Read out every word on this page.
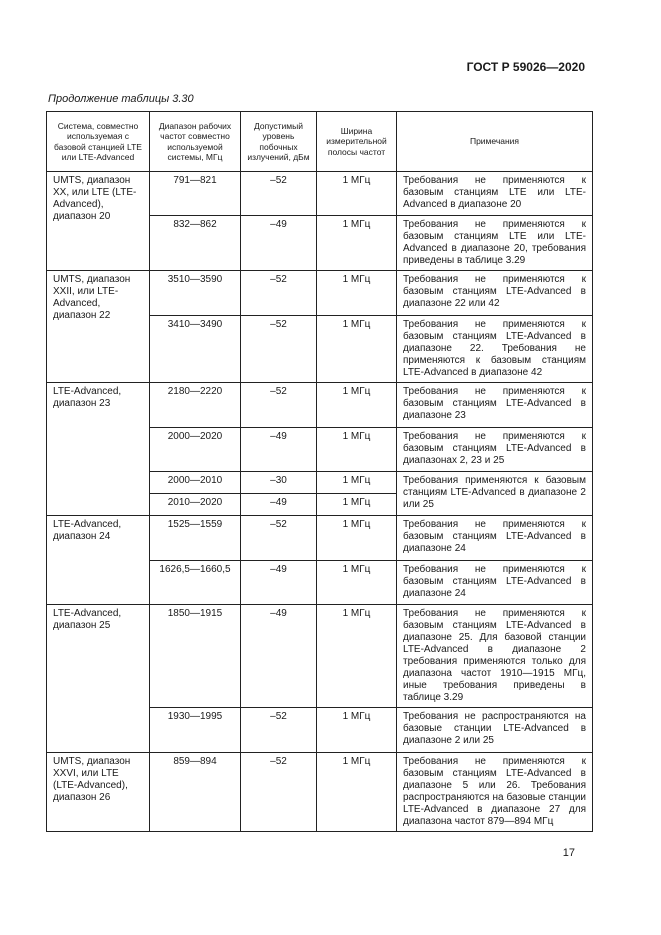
ГОСТ Р 59026—2020
Продолжение таблицы 3.30
Система, совместно используемая с базовой станцией LTE или LTE-Advanced	Диапазон рабочих частот совместно используемой системы, МГц	Допустимый уровень побочных излучений, дБм	Ширина измерительной полосы частот	Примечания
UMTS, диапазон XX, или LTE (LTE-Advanced), диапазон 20	791—821	–52	1 МГц	Требования не применяются к базовым станциям LTE или LTE-Advanced в диапазоне 20
	832—862	–49	1 МГц	Требования не применяются к базовым станциям LTE или LTE-Advanced в диапазоне 20, требования приведены в таблице 3.29
UMTS, диапазон XXII, или LTE-Advanced, диапазон 22	3510—3590	–52	1 МГц	Требования не применяются к базовым станциям LTE-Advanced в диапазоне 22 или 42
	3410—3490	–52	1 МГц	Требования не применяются к базовым станциям LTE-Advanced в диапазоне 22. Требования не применяются к базовым станциям LTE-Advanced в диапазоне 42
LTE-Advanced, диапазон 23	2180—2220	–52	1 МГц	Требования не применяются к базовым станциям LTE-Advanced в диапазоне 23
	2000—2020	–49	1 МГц	Требования не применяются к базовым станциям LTE-Advanced в диапазонах 2, 23 и 25
	2000—2010	–30	1 МГц	Требования применяются к базовым станциям LTE-Advanced в диапазоне 2 или 25
	2010—2020	–49	1 МГц	
LTE-Advanced, диапазон 24	1525—1559	–52	1 МГц	Требования не применяются к базовым станциям LTE-Advanced в диапазоне 24
	1626,5—1660,5	–49	1 МГц	Требования не применяются к базовым станциям LTE-Advanced в диапазоне 24
LTE-Advanced, диапазон 25	1850—1915	–49	1 МГц	Требования не применяются к базовым станциям LTE-Advanced в диапазоне 25. Для базовой станции LTE-Advanced в диапазоне 2 требования применяются только для диапазона частот 1910—1915 МГц, иные требования приведены в таблице 3.29
	1930—1995	–52	1 МГц	Требования не распространяются на базовые станции LTE-Advanced в диапазоне 2 или 25
UMTS, диапазон XXVI, или LTE (LTE-Advanced), диапазон 26	859—894	–52	1 МГц	Требования не применяются к базовым станциям LTE-Advanced в диапазоне 5 или 26. Требования распространяются на базовые станции LTE-Advanced в диапазоне 27 для диапазона частот 879—894 МГц
17
